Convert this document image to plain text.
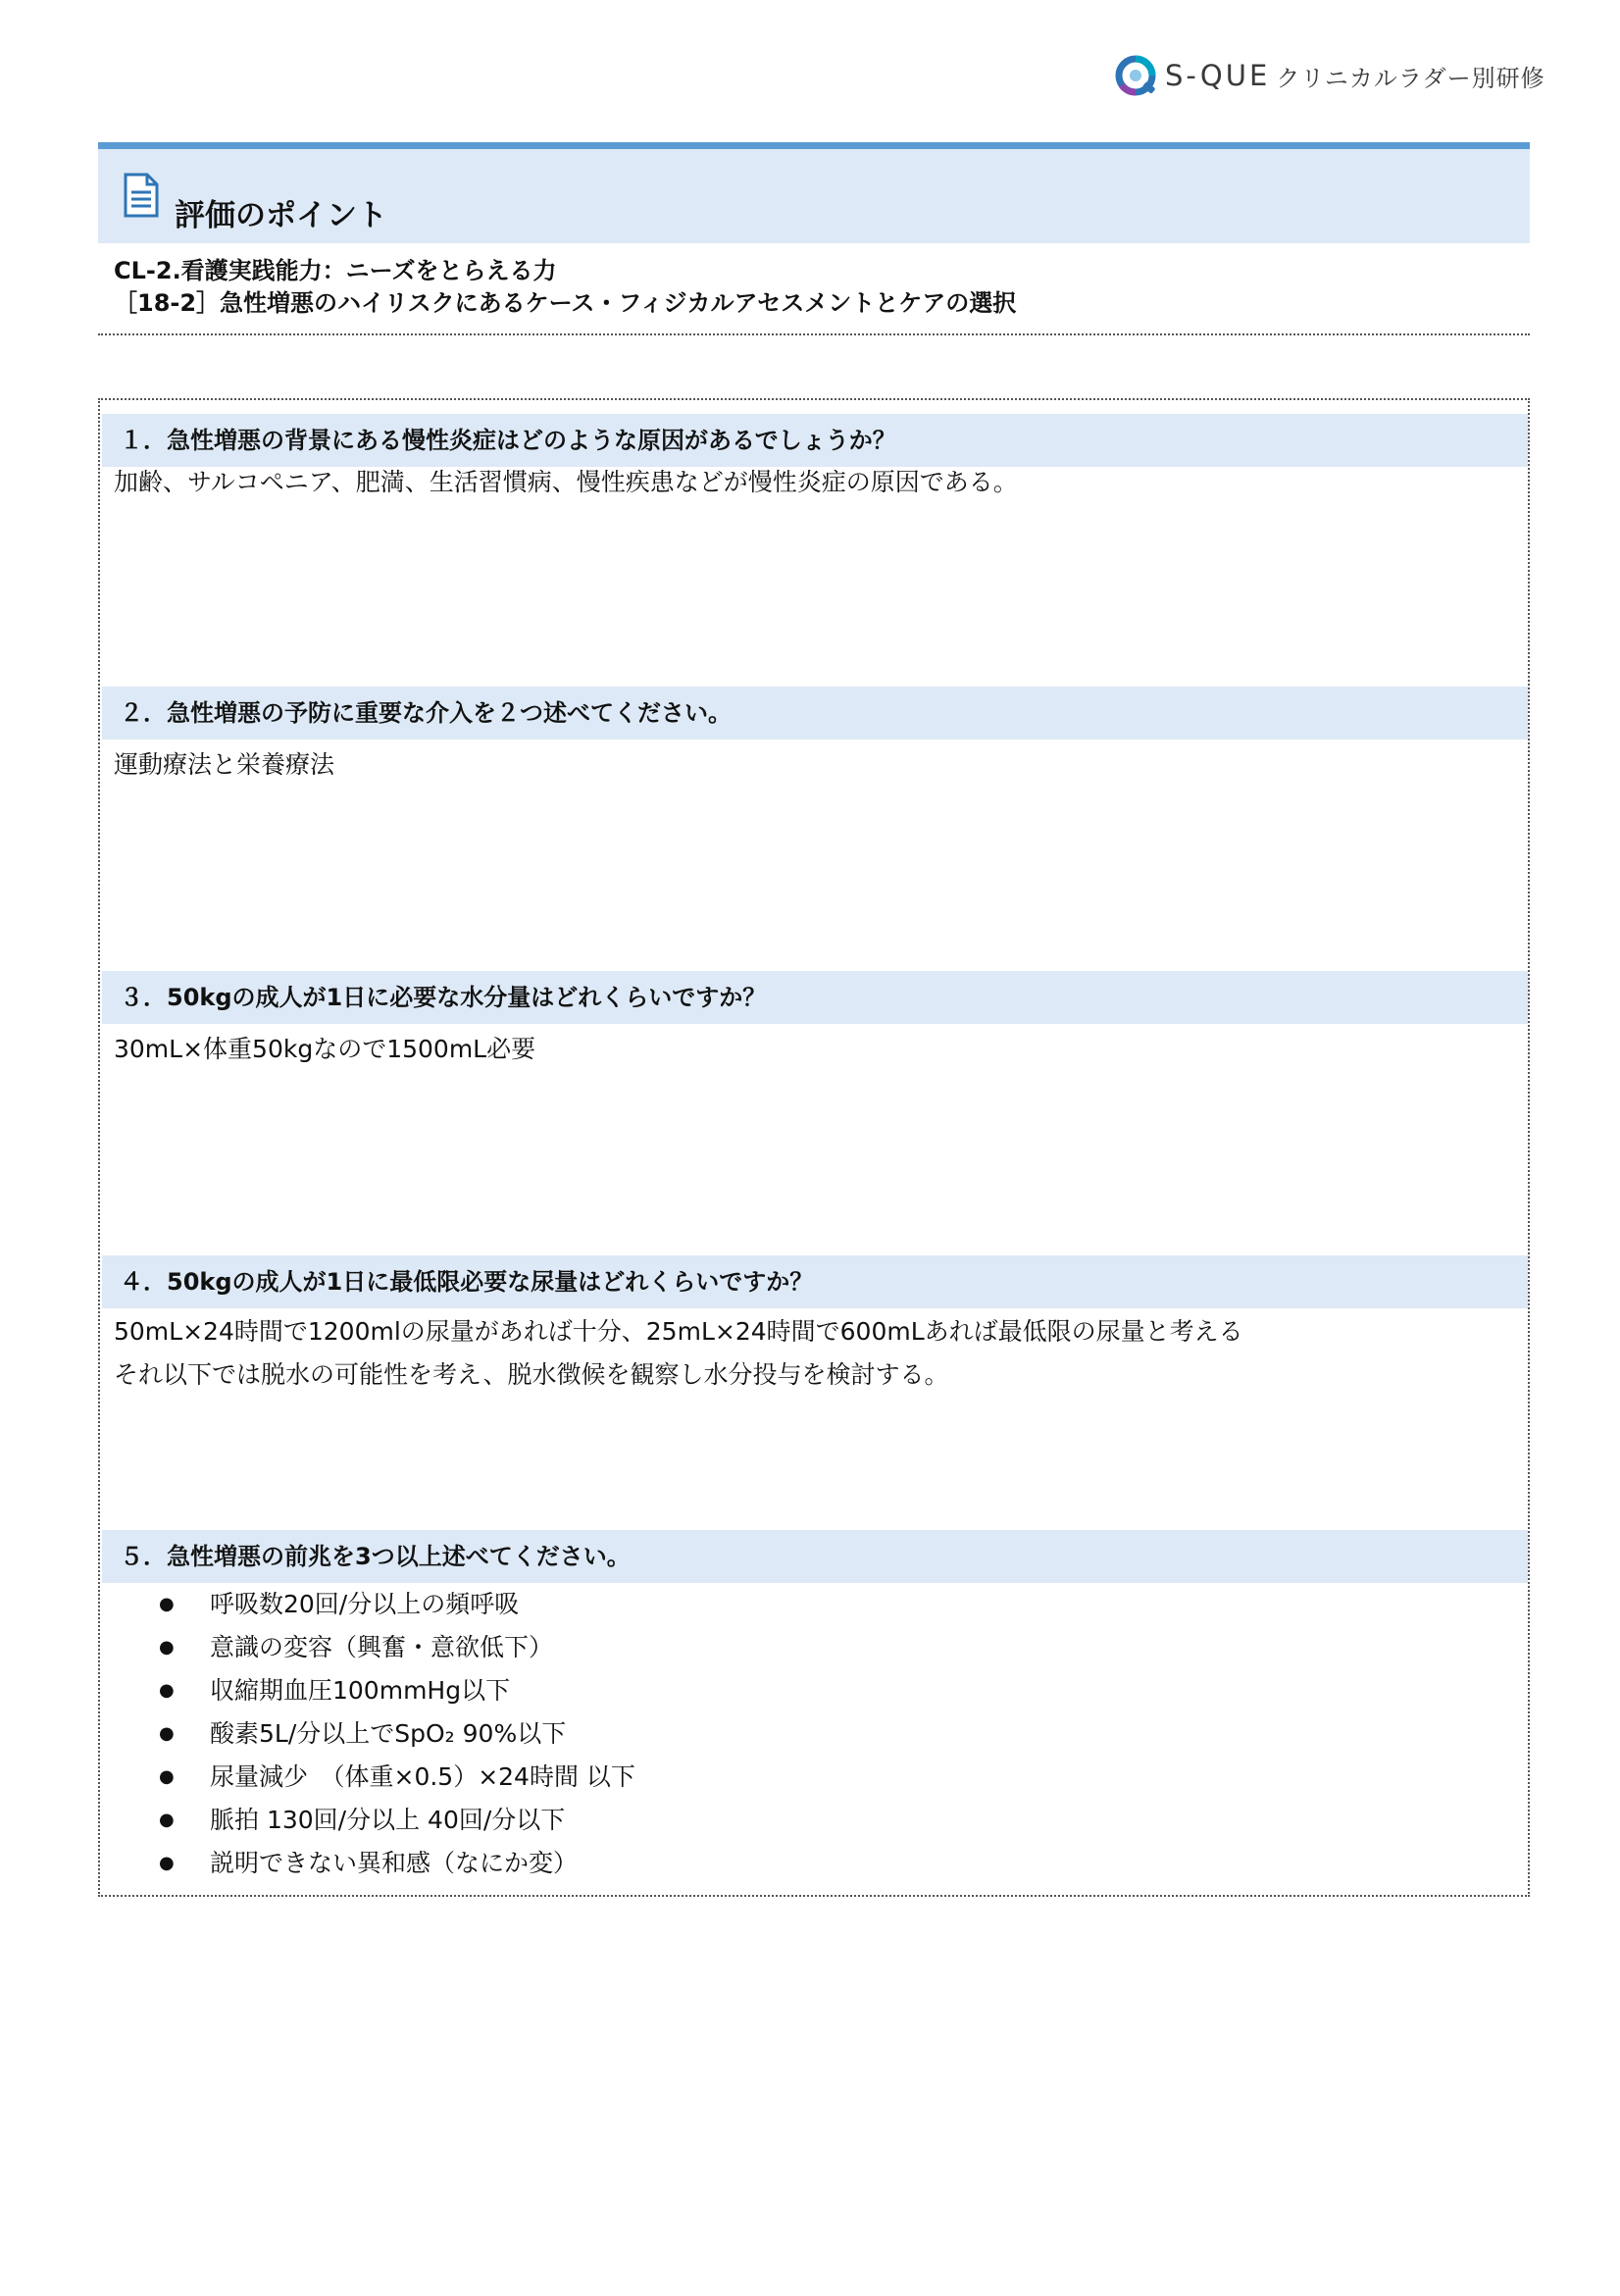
S-QUE クリニカルラダー別研修
評価のポイント
CL-2.看護実践能力：ニーズをとらえる力
［18-2］急性増悪のハイリスクにあるケース・フィジカルアセスメントとケアの選択
１．急性増悪の背景にある慢性炎症はどのような原因があるでしょうか？
加齢、サルコペニア、肥満、生活習慣病、慢性疾患などが慢性炎症の原因である。
２．急性増悪の予防に重要な介入を２つ述べてください。
運動療法と栄養療法
３．50kgの成人が1日に必要な水分量はどれくらいですか？
30mL×体重50kgなので1500mL必要
４．50kgの成人が1日に最低限必要な尿量はどれくらいですか？
50mL×24時間で1200mlの尿量があれば十分、25mL×24時間で600mLあれば最低限の尿量と考える
それ以下では脱水の可能性を考え、脱水徴候を観察し水分投与を検討する。
５．急性増悪の前兆を3つ以上述べてください。
● 呼吸数20回/分以上の頻呼吸
● 意識の変容（興奮・意欲低下）
● 収縮期血圧100mmHg以下
● 酸素5L/分以上でSpO₂ 90%以下
● 尿量減少　（体重×0.5）×24時間 以下
● 脈拍 130回/分以上 40回/分以下
● 説明できない異和感（なにか変）
